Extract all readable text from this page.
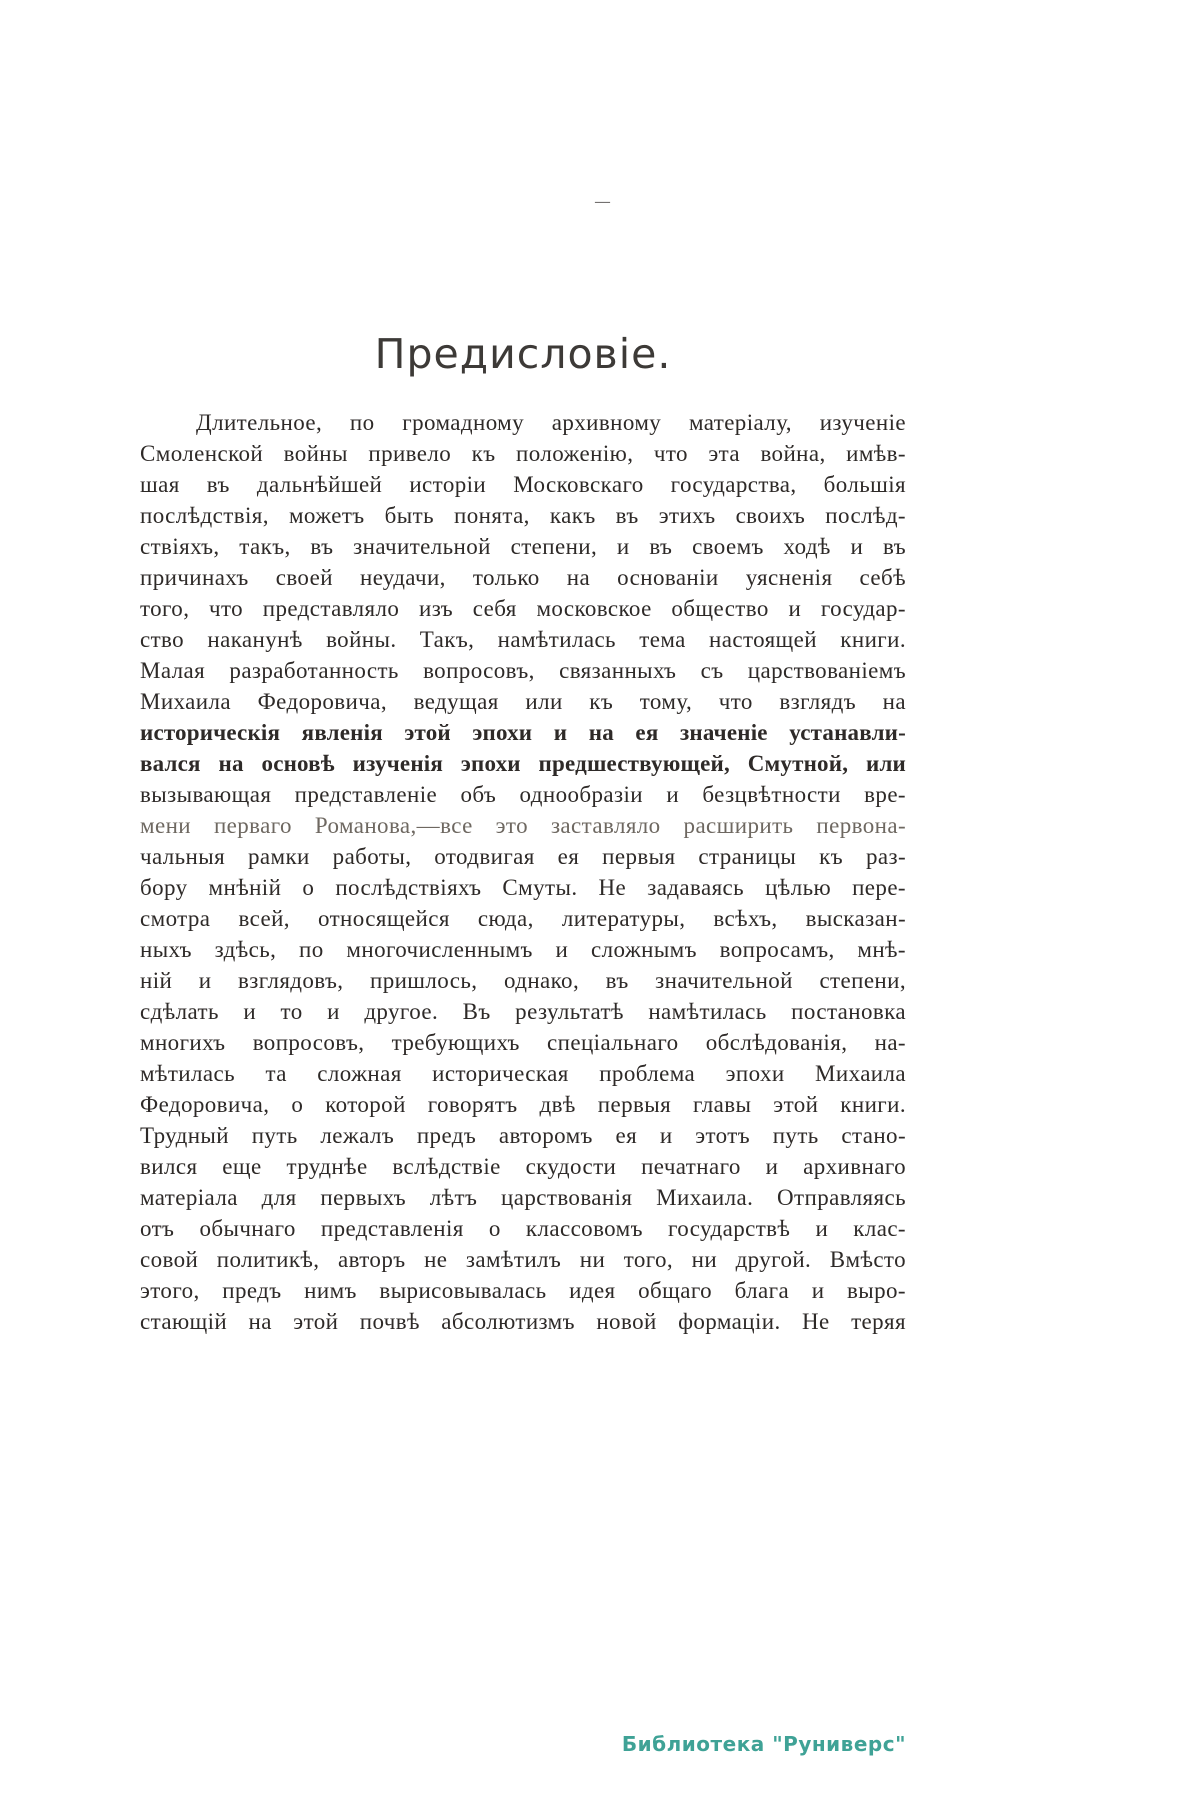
—
Предисловіе.
Длительное, по громадному архивному матеріалу, изученіе
Смоленской войны привело къ положенію, что эта война, имѣв-
шая въ дальнѣйшей исторіи Московскаго государства, большія
послѣдствія, можетъ быть понята, какъ въ этихъ своихъ послѣд-
ствіяхъ, такъ, въ значительной степени, и въ своемъ ходѣ и въ
причинахъ своей неудачи, только на основаніи уясненія себѣ
того, что представляло изъ себя московское общество и государ-
ство наканунѣ войны. Такъ, намѣтилась тема настоящей книги.
Малая разработанность вопросовъ, связанныхъ съ царствованіемъ
Михаила Федоровича, ведущая или къ тому, что взглядъ на
историческія явленія этой эпохи и на ея значеніе устанавли-
вался на основѣ изученія эпохи предшествующей, Смутной, или
вызывающая представленіе объ однообразіи и безцвѣтности вре-
мени перваго Романова,—все это заставляло расширить первона-
чальныя рамки работы, отодвигая ея первыя страницы къ раз-
бору мнѣній о послѣдствіяхъ Смуты. Не задаваясь цѣлью пере-
смотра всей, относящейся сюда, литературы, всѣхъ, высказан-
ныхъ здѣсь, по многочисленнымъ и сложнымъ вопросамъ, мнѣ-
ній и взглядовъ, пришлось, однако, въ значительной степени,
сдѣлать и то и другое. Въ результатѣ намѣтилась постановка
многихъ вопросовъ, требующихъ спеціальнаго обслѣдованія, на-
мѣтилась та сложная историческая проблема эпохи Михаила
Федоровича, о которой говорятъ двѣ первыя главы этой книги.
Трудный путь лежалъ предъ авторомъ ея и этотъ путь стано-
вился еще труднѣе вслѣдствіе скудости печатнаго и архивнаго
матеріала для первыхъ лѣтъ царствованія Михаила. Отправляясь
отъ обычнаго представленія о классовомъ государствѣ и клас-
совой политикѣ, авторъ не замѣтилъ ни того, ни другой. Вмѣсто
этого, предъ нимъ вырисовывалась идея общаго блага и выро-
стающій на этой почвѣ абсолютизмъ новой формаціи. Не теряя
Библиотека "Руниверс"
